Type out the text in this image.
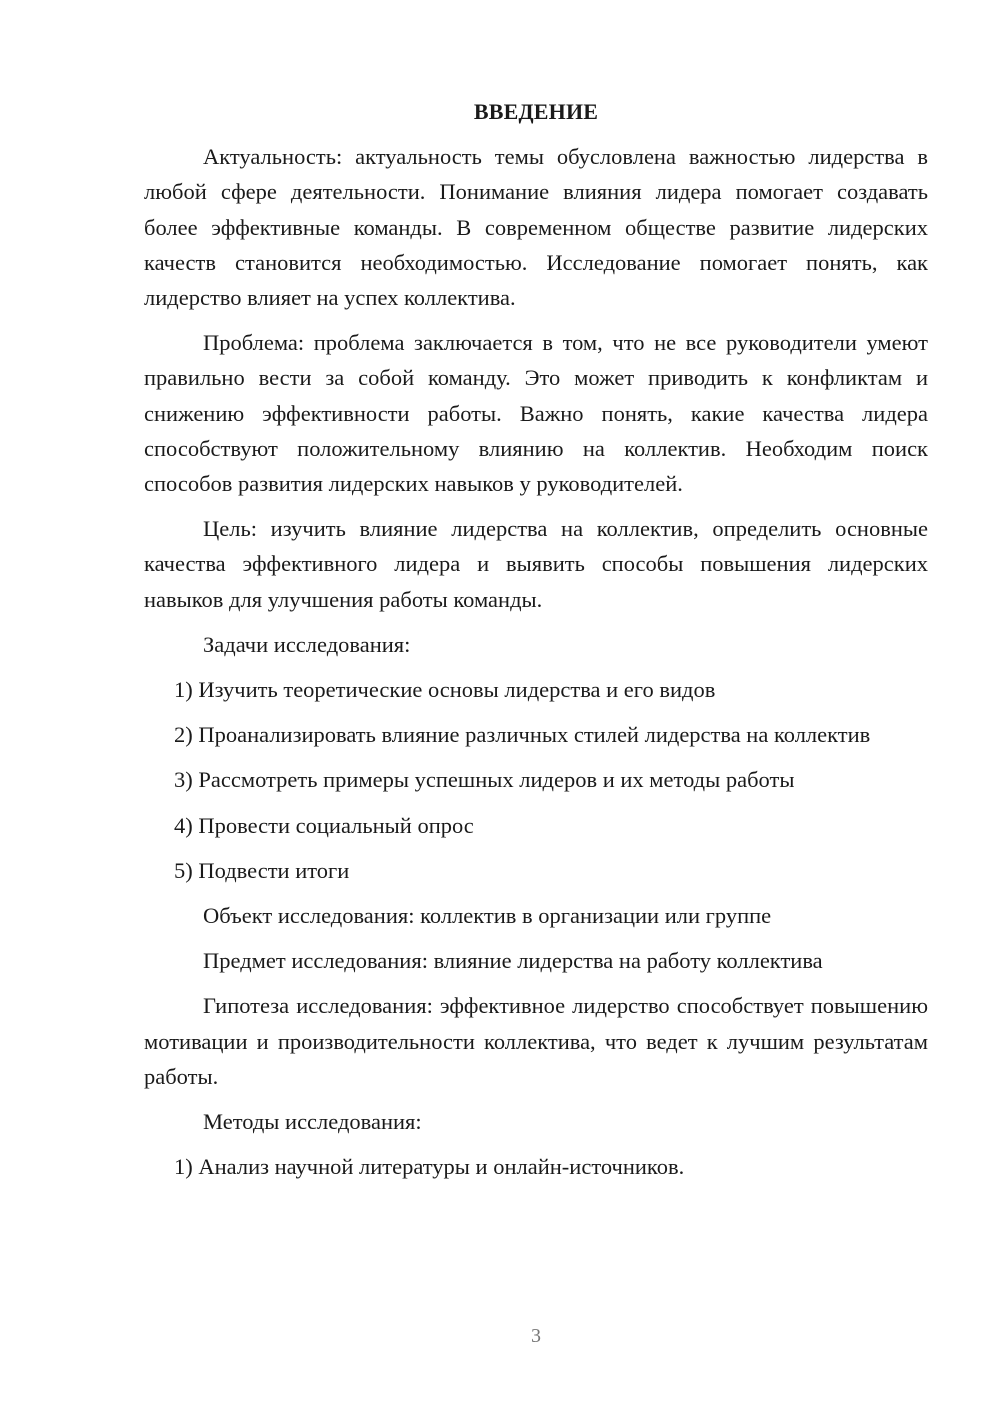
ВВЕДЕНИЕ

Актуальность: актуальность темы обусловлена важностью лидерства в любой сфере деятельности. Понимание влияния лидера помогает создавать более эффективные команды. В современном обществе развитие лидерских качеств становится необходимостью. Исследование помогает понять, как лидерство влияет на успех коллектива.

Проблема: проблема заключается в том, что не все руководители умеют правильно вести за собой команду. Это может приводить к конфликтам и снижению эффективности работы. Важно понять, какие качества лидера способствуют положительному влиянию на коллектив. Необходим поиск способов развития лидерских навыков у руководителей.

Цель: изучить влияние лидерства на коллектив, определить основные качества эффективного лидера и выявить способы повышения лидерских навыков для улучшения работы команды.

Задачи исследования:

1) Изучить теоретические основы лидерства и его видов

2) Проанализировать влияние различных стилей лидерства на коллектив

3) Рассмотреть примеры успешных лидеров и их методы работы

4) Провести социальный опрос

5) Подвести итоги

Объект исследования: коллектив в организации или группе

Предмет исследования: влияние лидерства на работу коллектива

Гипотеза исследования: эффективное лидерство способствует повышению мотивации и производительности коллектива, что ведет к лучшим результатам работы.

Методы исследования:

1) Анализ научной литературы и онлайн-источников.

3
